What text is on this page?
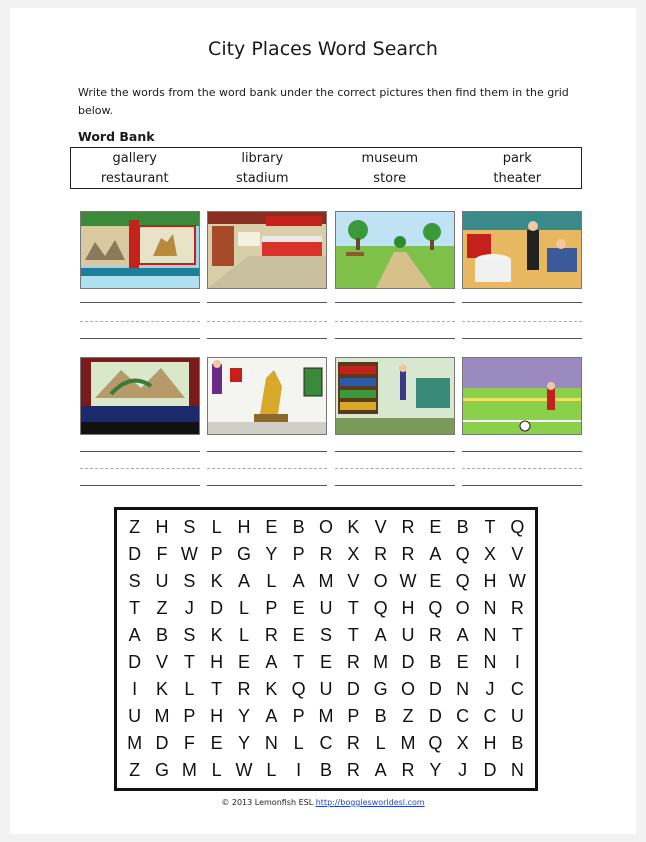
City Places Word Search
Write the words from the word bank under the correct pictures then find them in the grid below.
Word Bank
gallery	library	museum	park
restaurant	stadium	store	theater
Z H S L H E B O K V R E B T Q
D F W P G Y P R X R R A Q X V
S U S K A L A M V O W E Q H W
T Z J D L P E U T Q H Q O N R
A B S K L R E S T A U R A N T
D V T H E A T E R M D B E N	I
I	K L T R K Q U D G O D N J C
U M P H Y A P M P B Z D C C U
M D F E Y N L C R L M Q X H B
Z G M L W L	I	B R A R Y J D N
© 2013 Lemonfish ESL http://bogglesworldesl.com
